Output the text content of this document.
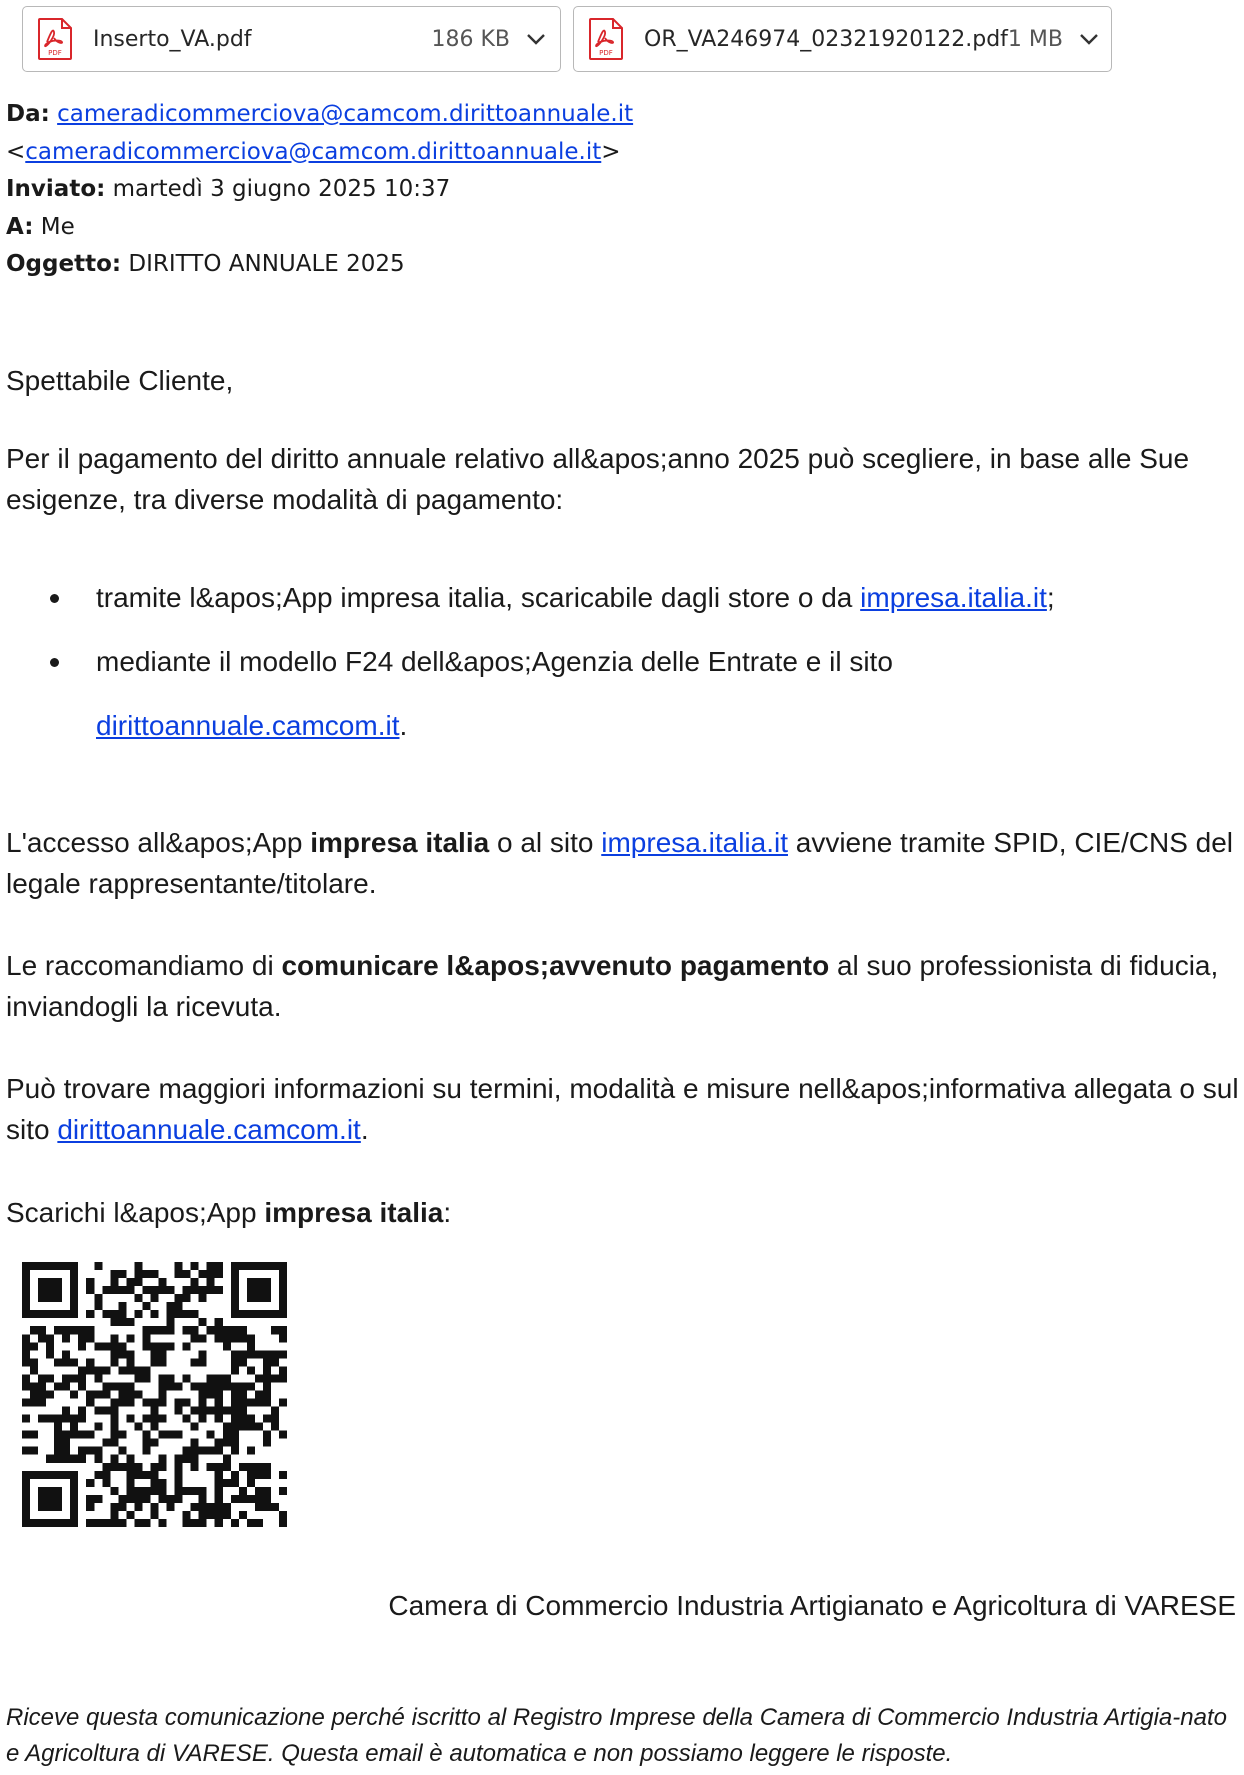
PDF
Inserto_VA.pdf	186 KB
PDF
OR_VA246974_02321920122.pdf 1 MB
Da: cameradicommerciova@camcom.dirittoannuale.it
<cameradicommerciova@camcom.dirittoannuale.it>
Inviato: martedì 3 giugno 2025 10:37
A: Me
Oggetto: DIRITTO ANNUALE 2025
Spettabile Cliente,
Per il pagamento del diritto annuale relativo all&apos;anno 2025 può scegliere, in base alle Sue esigenze, tra diverse modalità di pagamento:
tramite l&apos;App impresa italia, scaricabile dagli store o da impresa.italia.it;
mediante il modello F24 dell&apos;Agenzia delle Entrate e il sito
dirittoannuale.camcom.it.
L'accesso all&apos;App impresa italia o al sito impresa.italia.it avviene tramite SPID, CIE/CNS del legale rappresentante/titolare.
Le raccomandiamo di comunicare l&apos;avvenuto pagamento al suo professionista di fiducia, inviandogli la ricevuta.
Può trovare maggiori informazioni su termini, modalità e misure nell&apos;informativa allegata o sul sito dirittoannuale.camcom.it.
Scarichi l&apos;App impresa italia:
Camera di Commercio Industria Artigianato e Agricoltura di VARESE
Riceve questa comunicazione perché iscritto al Registro Imprese della Camera di Commercio Industria Artigia-nato e Agricoltura di VARESE. Questa email è automatica e non possiamo leggere le risposte.
